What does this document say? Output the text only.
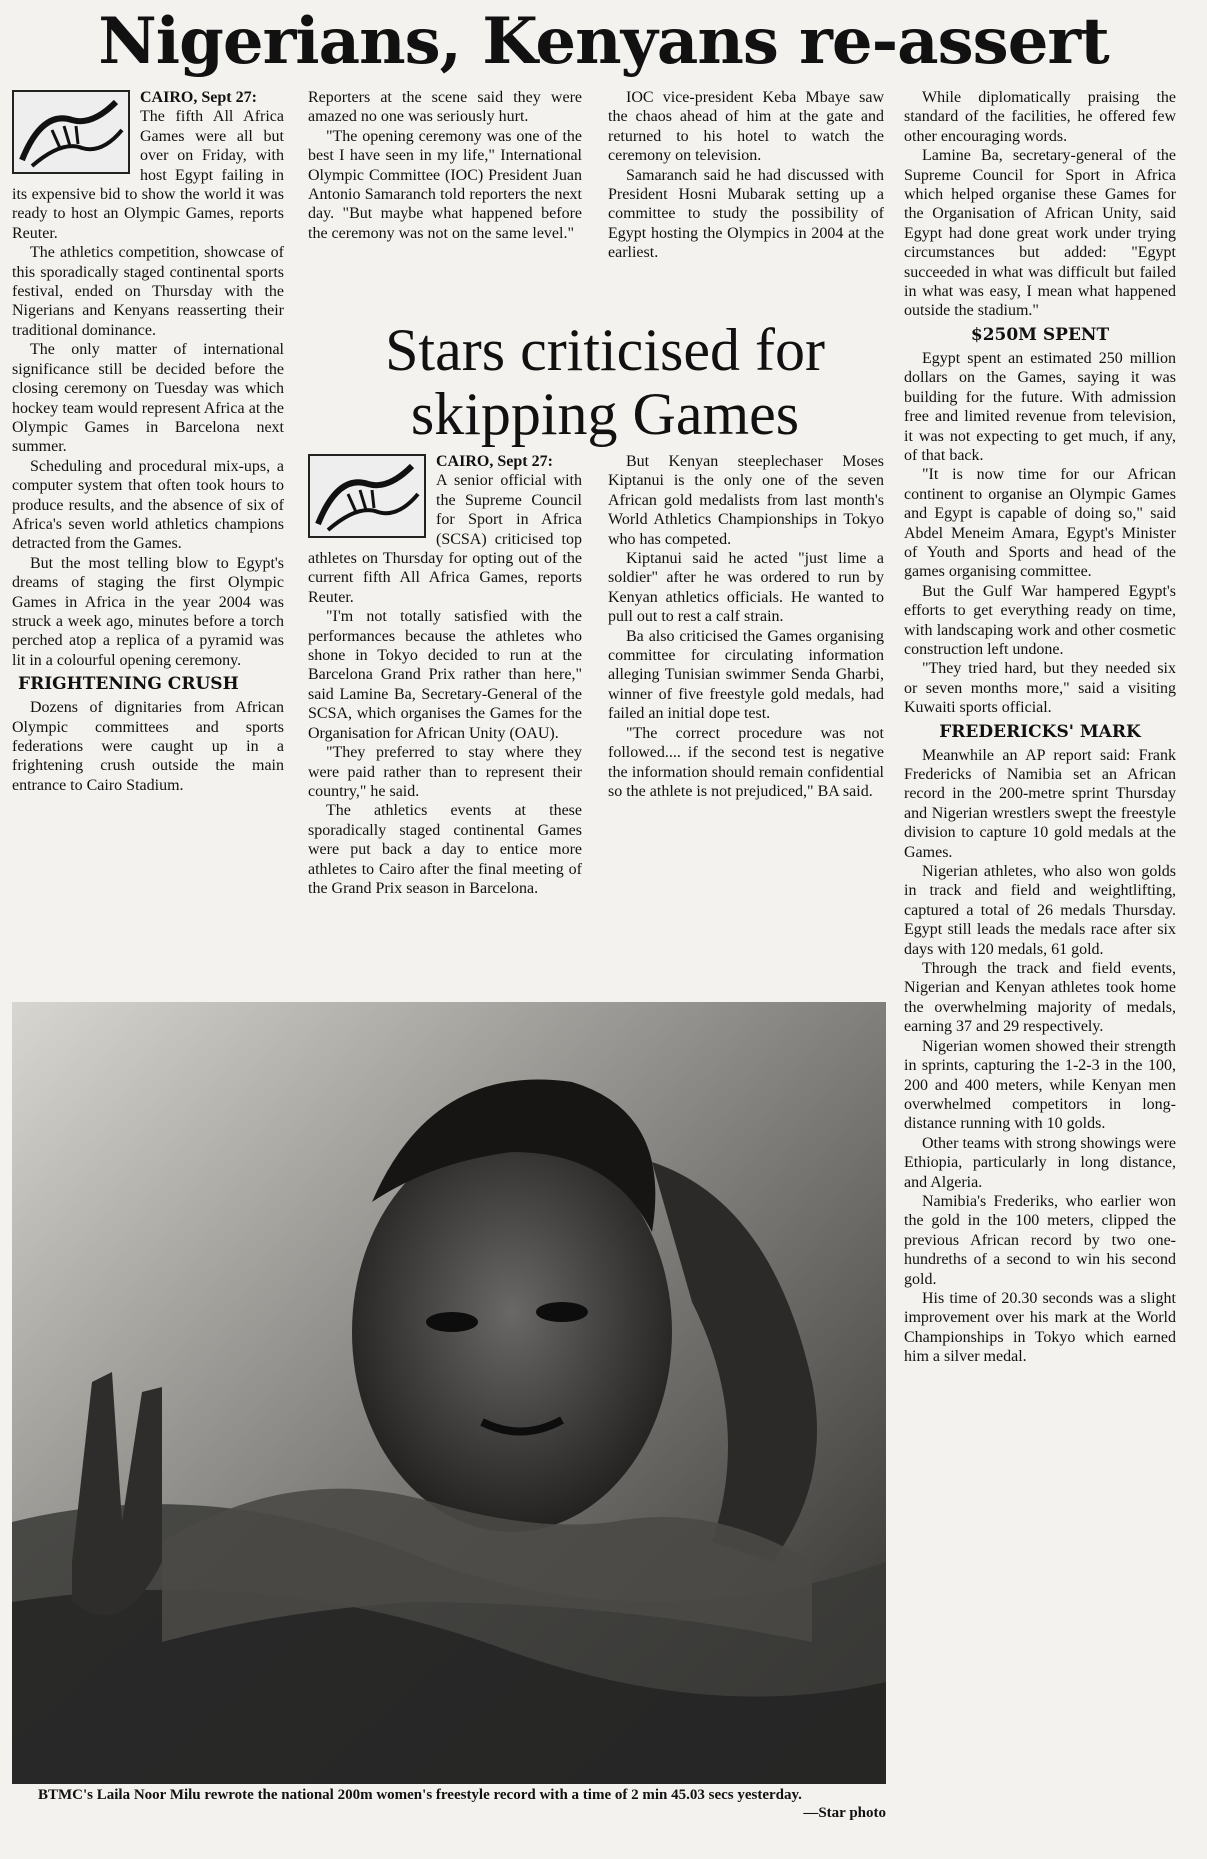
Nigerians, Kenyans re-assert

CAIRO, Sept 27:

The fifth All Africa Games were all but over on Friday, with host Egypt failing in its expensive bid to show the world it was ready to host an Olympic Games, reports Reuter.

The athletics competition, showcase of this sporadically staged continental sports festival, ended on Thursday with the Nigerians and Kenyans reasserting their traditional dominance.

The only matter of international significance still be decided before the closing ceremony on Tuesday was which hockey team would represent Africa at the Olympic Games in Barcelona next summer.

Scheduling and procedural mix-ups, a computer system that often took hours to produce results, and the absence of six of Africa's seven world athletics champions detracted from the Games.

But the most telling blow to Egypt's dreams of staging the first Olympic Games in Africa in the year 2004 was struck a week ago, minutes before a torch perched atop a replica of a pyramid was lit in a colourful opening ceremony.

FRIGHTENING CRUSH

Dozens of dignitaries from African Olympic committees and sports federations were caught up in a frightening crush outside the main entrance to Cairo Stadium.

Reporters at the scene said they were amazed no one was seriously hurt.

"The opening ceremony was one of the best I have seen in my life," International Olympic Committee (IOC) President Juan Antonio Samaranch told reporters the next day. "But maybe what happened before the ceremony was not on the same level."

IOC vice-president Keba Mbaye saw the chaos ahead of him at the gate and returned to his hotel to watch the ceremony on television.

Samaranch said he had discussed with President Hosni Mubarak setting up a committee to study the possibility of Egypt hosting the Olympics in 2004 at the earliest.

While diplomatically praising the standard of the facilities, he offered few other encouraging words.

Lamine Ba, secretary-general of the Supreme Council for Sport in Africa which helped organise these Games for the Organisation of African Unity, said Egypt had done great work under trying circumstances but added: "Egypt succeeded in what was difficult but failed in what was easy, I mean what happened outside the stadium."

$250M SPENT

Egypt spent an estimated 250 million dollars on the Games, saying it was building for the future. With admission free and limited revenue from television, it was not expecting to get much, if any, of that back.

"It is now time for our African continent to organise an Olympic Games and Egypt is capable of doing so," said Abdel Meneim Amara, Egypt's Minister of Youth and Sports and head of the games organising committee.

But the Gulf War hampered Egypt's efforts to get everything ready on time, with landscaping work and other cosmetic construction left undone.

"They tried hard, but they needed six or seven months more," said a visiting Kuwaiti sports official.

FREDERICKS' MARK

Meanwhile an AP report said: Frank Fredericks of Namibia set an African record in the 200-metre sprint Thursday and Nigerian wrestlers swept the freestyle division to capture 10 gold medals at the Games.

Nigerian athletes, who also won golds in track and field and weightlifting, captured a total of 26 medals Thursday. Egypt still leads the medals race after six days with 120 medals, 61 gold.

Through the track and field events, Nigerian and Kenyan athletes took home the overwhelming majority of medals, earning 37 and 29 respectively.

Nigerian women showed their strength in sprints, capturing the 1-2-3 in the 100, 200 and 400 meters, while Kenyan men overwhelmed competitors in long-distance running with 10 golds.

Other teams with strong showings were Ethiopia, particularly in long distance, and Algeria.

Namibia's Frederiks, who earlier won the gold in the 100 meters, clipped the previous African record by two one-hundreths of a second to win his second gold.

His time of 20.30 seconds was a slight improvement over his mark at the World Championships in Tokyo which earned him a silver medal.

Stars criticised for skipping Games

CAIRO, Sept 27:

A senior official with the Supreme Council for Sport in Africa (SCSA) criticised top athletes on Thursday for opting out of the current fifth All Africa Games, reports Reuter.

"I'm not totally satisfied with the performances because the athletes who shone in Tokyo decided to run at the Barcelona Grand Prix rather than here," said Lamine Ba, Secretary-General of the SCSA, which organises the Games for the Organisation for African Unity (OAU).

"They preferred to stay where they were paid rather than to represent their country," he said.

The athletics events at these sporadically staged continental Games were put back a day to entice more athletes to Cairo after the final meeting of the Grand Prix season in Barcelona.

But Kenyan steeplechaser Moses Kiptanui is the only one of the seven African gold medalists from last month's World Athletics Championships in Tokyo who has competed.

Kiptanui said he acted "just lime a soldier" after he was ordered to run by Kenyan athletics officials. He wanted to pull out to rest a calf strain.

Ba also criticised the Games organising committee for circulating information alleging Tunisian swimmer Senda Gharbi, winner of five freestyle gold medals, had failed an initial dope test.

"The correct procedure was not followed.... if the second test is negative the information should remain confidential so the athlete is not prejudiced," BA said.

BTMC's Laila Noor Milu rewrote the national 200m women's freestyle record with a time of 2 min 45.03 secs yesterday.
—Star photo
